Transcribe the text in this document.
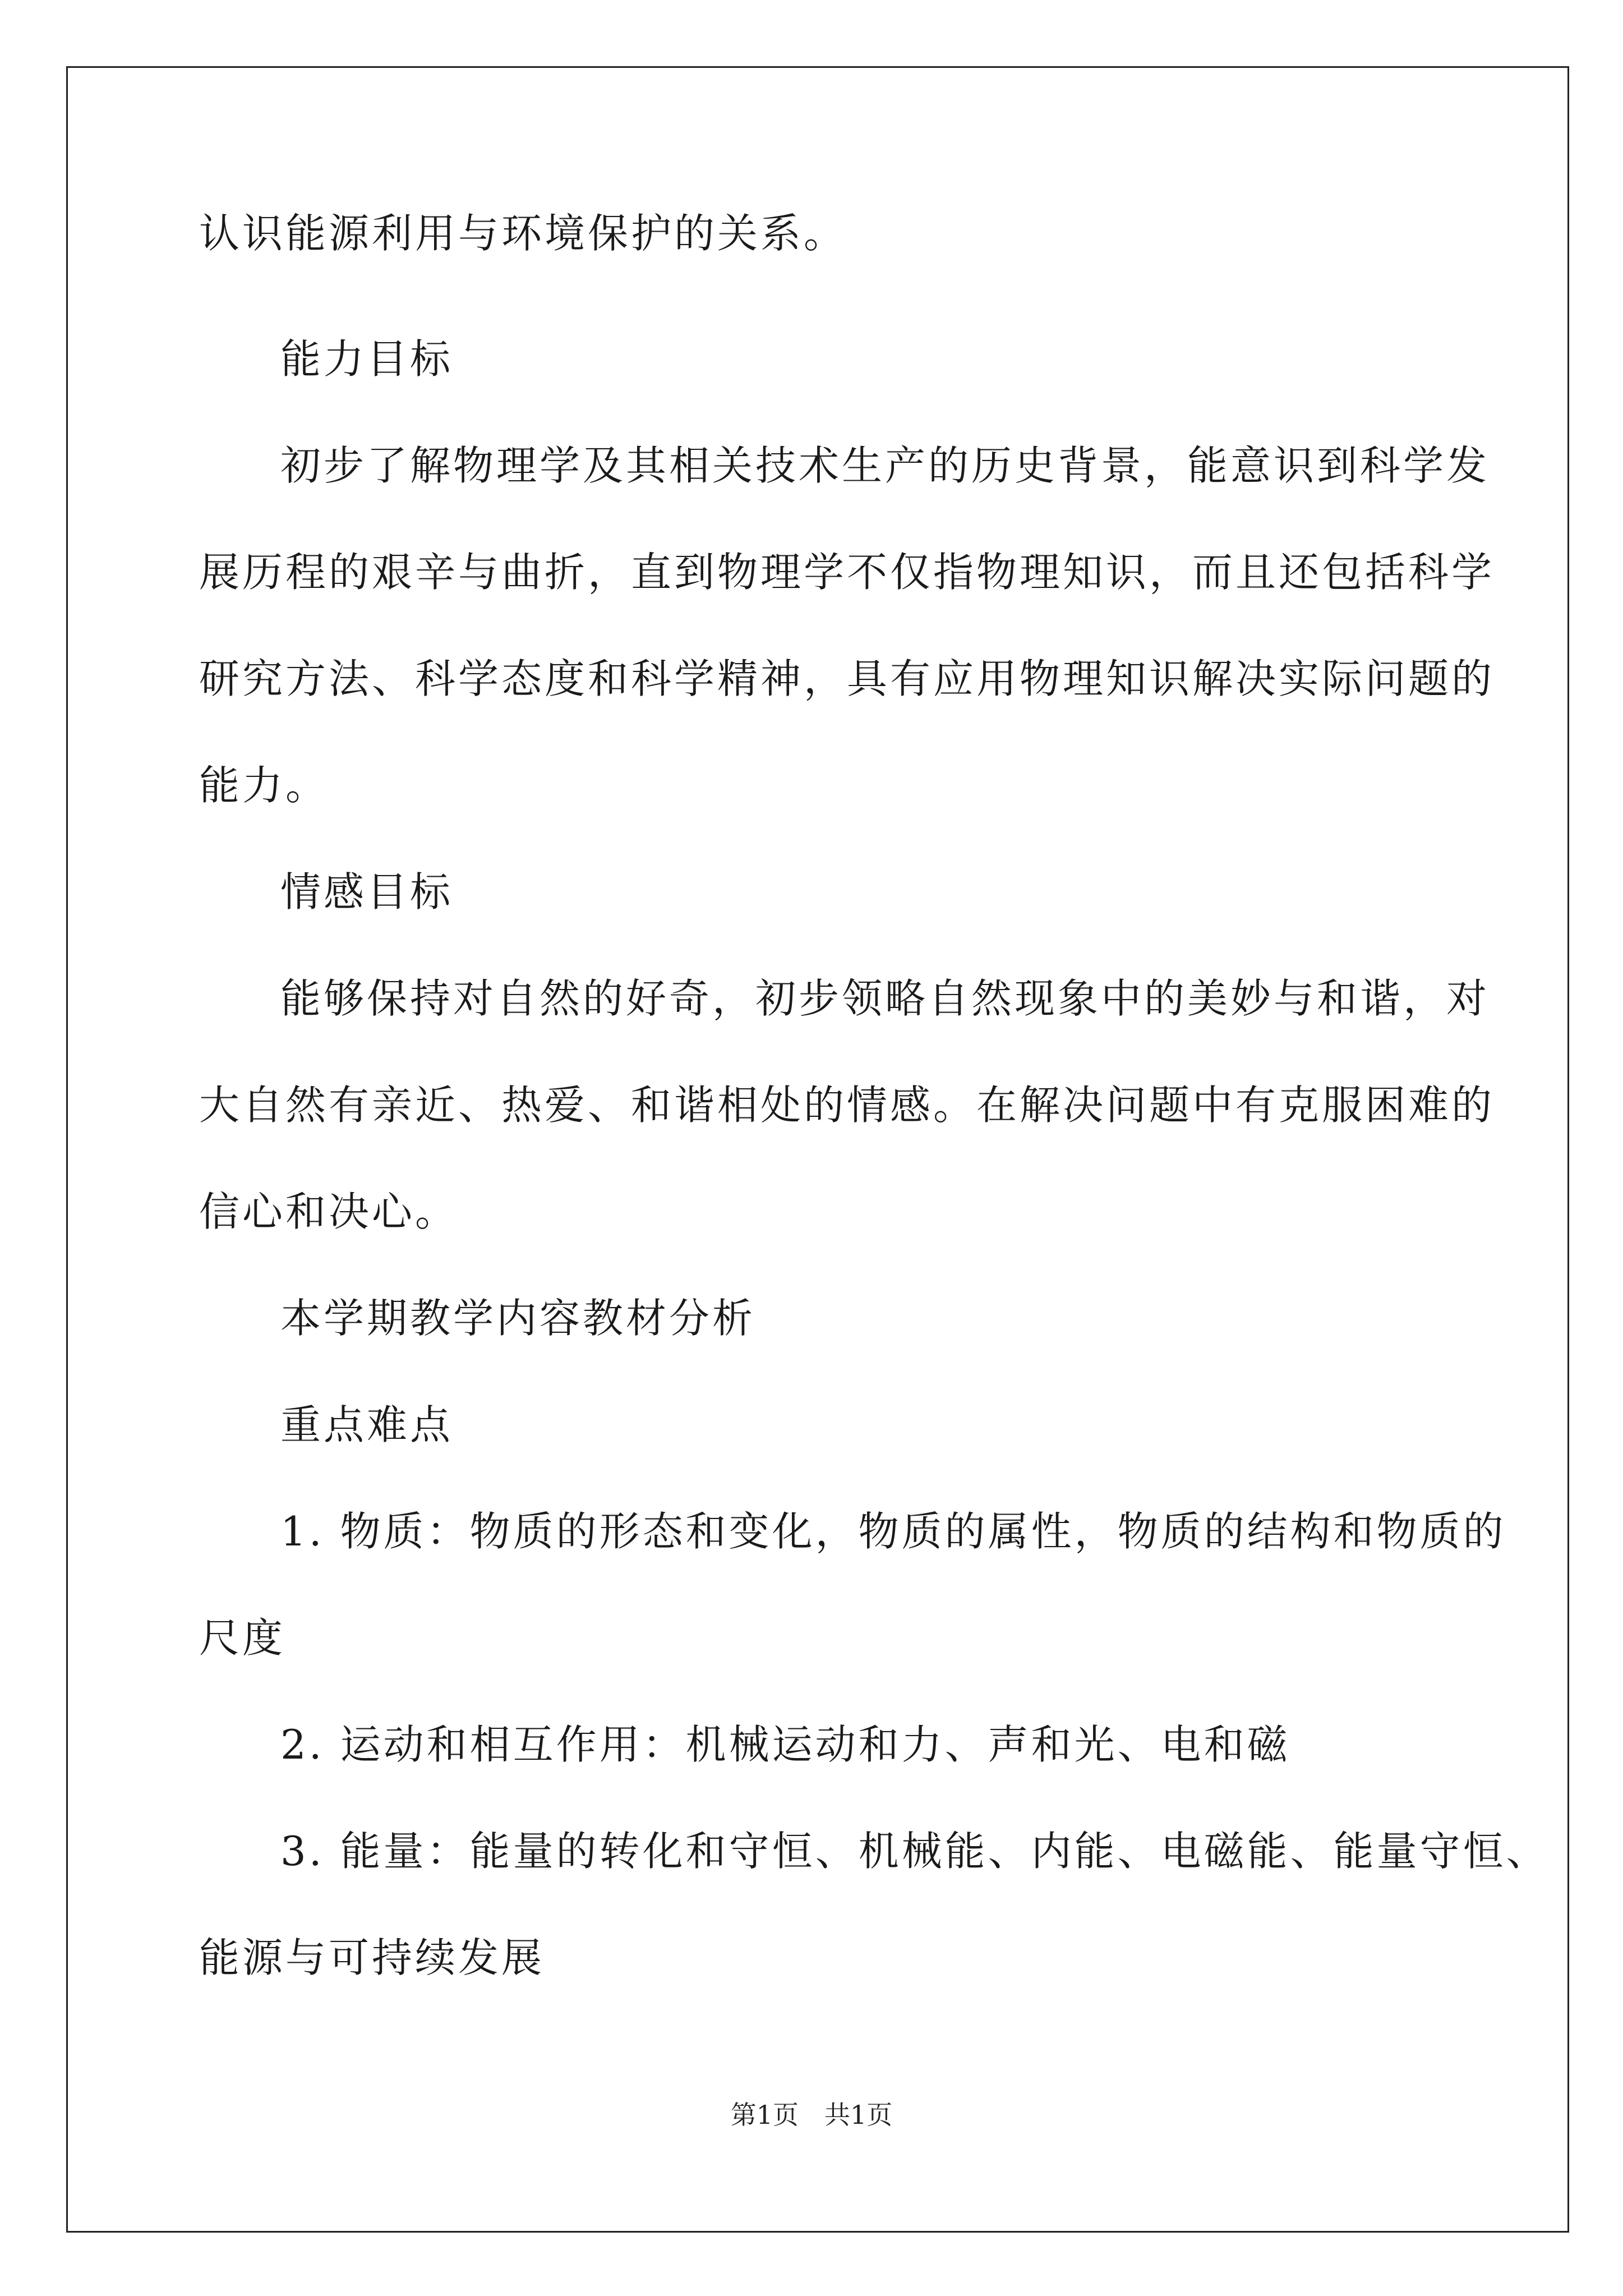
认识能源利用与环境保护的关系。
能力目标
初步了解物理学及其相关技术生产的历史背景，能意识到科学发
展历程的艰辛与曲折，直到物理学不仅指物理知识，而且还包括科学
研究方法、科学态度和科学精神，具有应用物理知识解决实际问题的
能力。
情感目标
能够保持对自然的好奇，初步领略自然现象中的美妙与和谐，对
大自然有亲近、热爱、和谐相处的情感。在解决问题中有克服困难的
信心和决心。
本学期教学内容教材分析
重点难点
1. 物质：物质的形态和变化，物质的属性，物质的结构和物质的
尺度
2. 运动和相互作用：机械运动和力、声和光、电和磁
3. 能量：能量的转化和守恒、机械能、内能、电磁能、能量守恒、
能源与可持续发展
第1页　共1页
